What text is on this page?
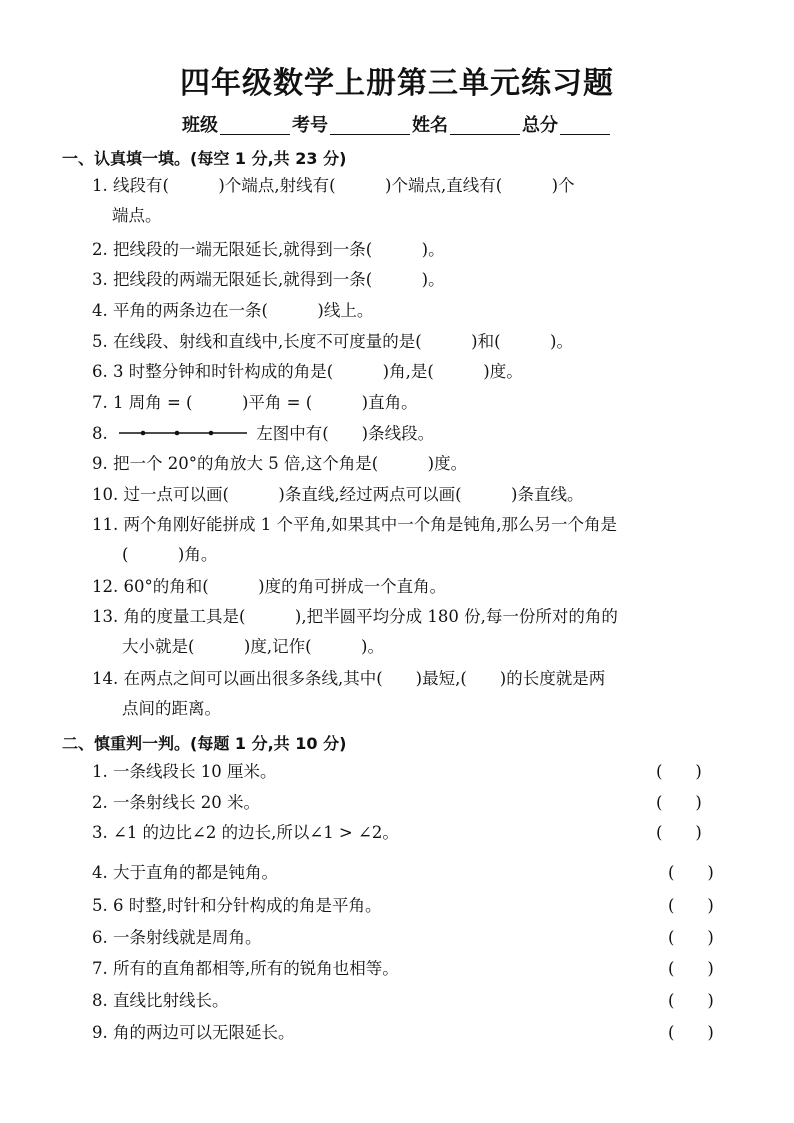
四年级数学上册第三单元练习题
班级	考号	姓名	总分
一、认真填一填。(每空 1 分,共 23 分)
1. 线段有(　　　)个端点,射线有(　　　)个端点,直线有(　　　)个
端点。
2. 把线段的一端无限延长,就得到一条(　　　)。
3. 把线段的两端无限延长,就得到一条(　　　)。
4. 平角的两条边在一条(　　　)线上。
5. 在线段、射线和直线中,长度不可度量的是(　　　)和(　　　)。
6. 3 时整分钟和时针构成的角是(　　　)角,是(　　　)度。
7. 1 周角 = (　　　)平角 = (　　　)直角。
8.	左图中有(　　)条线段。
9. 把一个 20°的角放大 5 倍,这个角是(　　　)度。
10. 过一点可以画(　　　)条直线,经过两点可以画(　　　)条直线。
11. 两个角刚好能拼成 1 个平角,如果其中一个角是钝角,那么另一个角是
(　　　)角。
12. 60°的角和(　　　)度的角可拼成一个直角。
13. 角的度量工具是(　　　),把半圆平均分成 180 份,每一份所对的角的
大小就是(　　　)度,记作(　　　)。
14. 在两点之间可以画出很多条线,其中(　　)最短,(　　)的长度就是两
点间的距离。
二、慎重判一判。(每题 1 分,共 10 分)
1. 一条线段长 10 厘米。	(　　)
2. 一条射线长 20 米。	(　　)
3. ∠1 的边比∠2 的边长,所以∠1 > ∠2。	(　　)
4. 大于直角的都是钝角。	(　　)
5. 6 时整,时针和分针构成的角是平角。	(　　)
6. 一条射线就是周角。	(　　)
7. 所有的直角都相等,所有的锐角也相等。	(　　)
8. 直线比射线长。	(　　)
9. 角的两边可以无限延长。	(　　)
